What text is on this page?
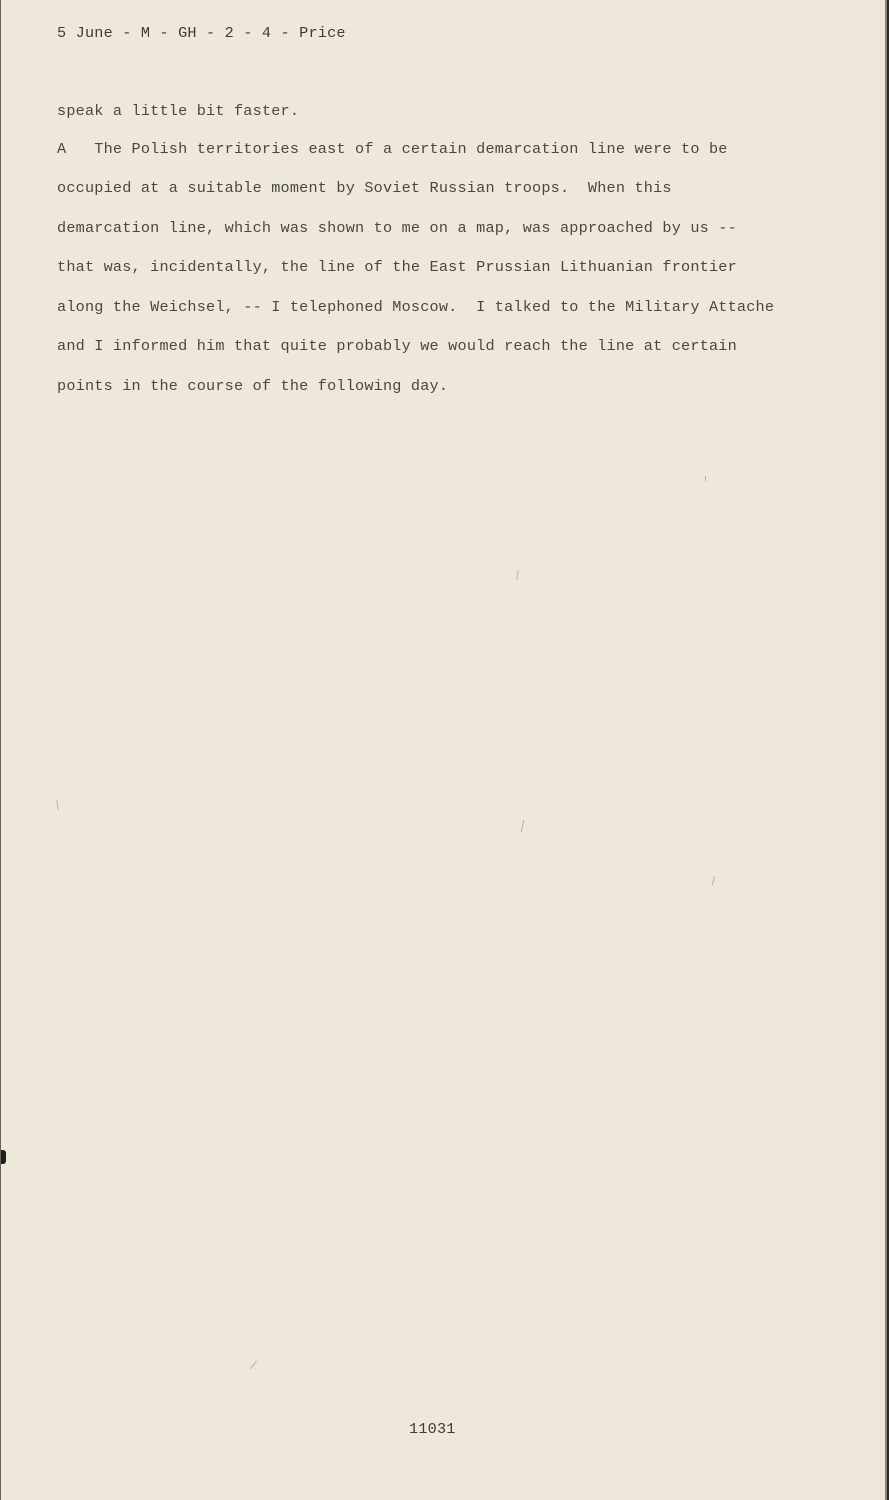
5 June - M - GH - 2 - 4 - Price
speak a little bit faster.

A   The Polish territories east of a certain demarcation line were to be

occupied at a suitable moment by Soviet Russian troops.  When this

demarcation line, which was shown to me on a map, was approached by us --

that was, incidentally, the line of the East Prussian Lithuanian frontier

along the Weichsel, -- I telephoned Moscow.  I talked to the Military Attache

and I informed him that quite probably we would reach the line at certain

points in the course of the following day.

11031
